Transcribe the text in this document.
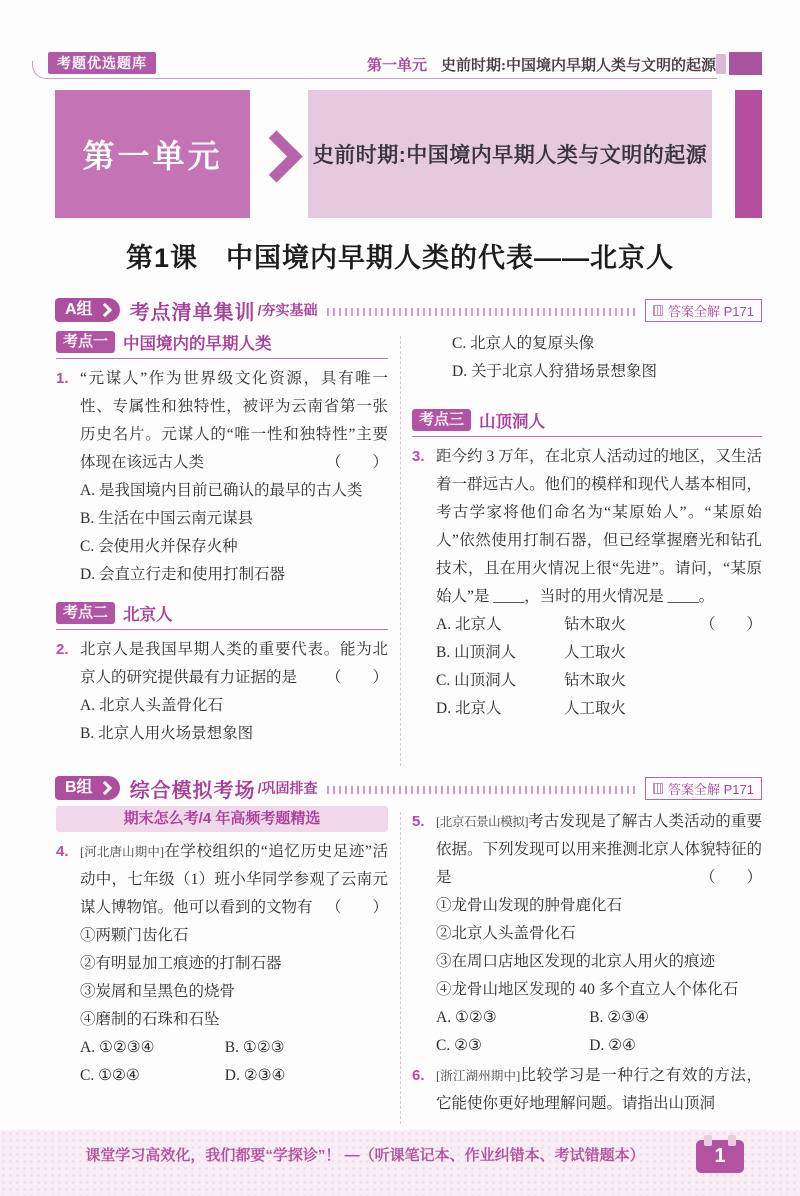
考题优选题库	第一单元 史前时期:中国境内早期人类与文明的起源
第一单元	史前时期:中国境内早期人类与文明的起源
第1课　中国境内早期人类的代表——北京人
A组 考点清单集训 /夯实基础	答案全解 P171
考点一 中国境内的早期人类
1. “元谋人”作为世界级文化资源，具有唯一性、专属性和独特性，被评为云南省第一张历史名片。元谋人的“唯一性和独特性”主要体现在该远古人类	（　　）
A. 是我国境内目前已确认的最早的古人类
B. 生活在中国云南元谋县
C. 会使用火并保存火种
D. 会直立行走和使用打制石器
考点二 北京人
2. 北京人是我国早期人类的重要代表。能为北京人的研究提供最有力证据的是 （　　）
A. 北京人头盖骨化石
B. 北京人用火场景想象图
C. 北京人的复原头像
D. 关于北京人狩猎场景想象图
考点三 山顶洞人
3. 距今约 3 万年，在北京人活动过的地区，又生活着一群远古人。他们的模样和现代人基本相同，考古学家将他们命名为“某原始人”。“某原始人”依然使用打制石器，但已经掌握磨光和钻孔技术，且在用火情况上很“先进”。请问，“某原始人”是 ____，当时的用火情况是 ____。
（　　）
A. 北京人	钻木取火
B. 山顶洞人	人工取火
C. 山顶洞人	钻木取火
D. 北京人	人工取火
B组 综合模拟考场 /巩固排查	答案全解 P171
期末怎么考/4 年高频考题精选
4. [河北唐山期中]在学校组织的“追忆历史足迹”活动中，七年级（1）班小华同学参观了云南元谋人博物馆。他可以看到的文物有 （　　）
①两颗门齿化石
②有明显加工痕迹的打制石器
③炭屑和呈黑色的烧骨
④磨制的石珠和石坠
A. ①②③④	B. ①②③
C. ①②④	D. ②③④
5. [北京石景山模拟]考古发现是了解古人类活动的重要依据。下列发现可以用来推测北京人体貌特征的是	（　　）
①龙骨山发现的肿骨鹿化石
②北京人头盖骨化石
③在周口店地区发现的北京人用火的痕迹
④龙骨山地区发现的 40 多个直立人个体化石
A. ①②③	B. ②③④
C. ②③	D. ②④
6. [浙江湖州期中]比较学习是一种行之有效的方法，它能使你更好地理解问题。请指出山顶洞
课堂学习高效化，我们都要“学探诊”！ —（听课笔记本、作业纠错本、考试错题本）	1
